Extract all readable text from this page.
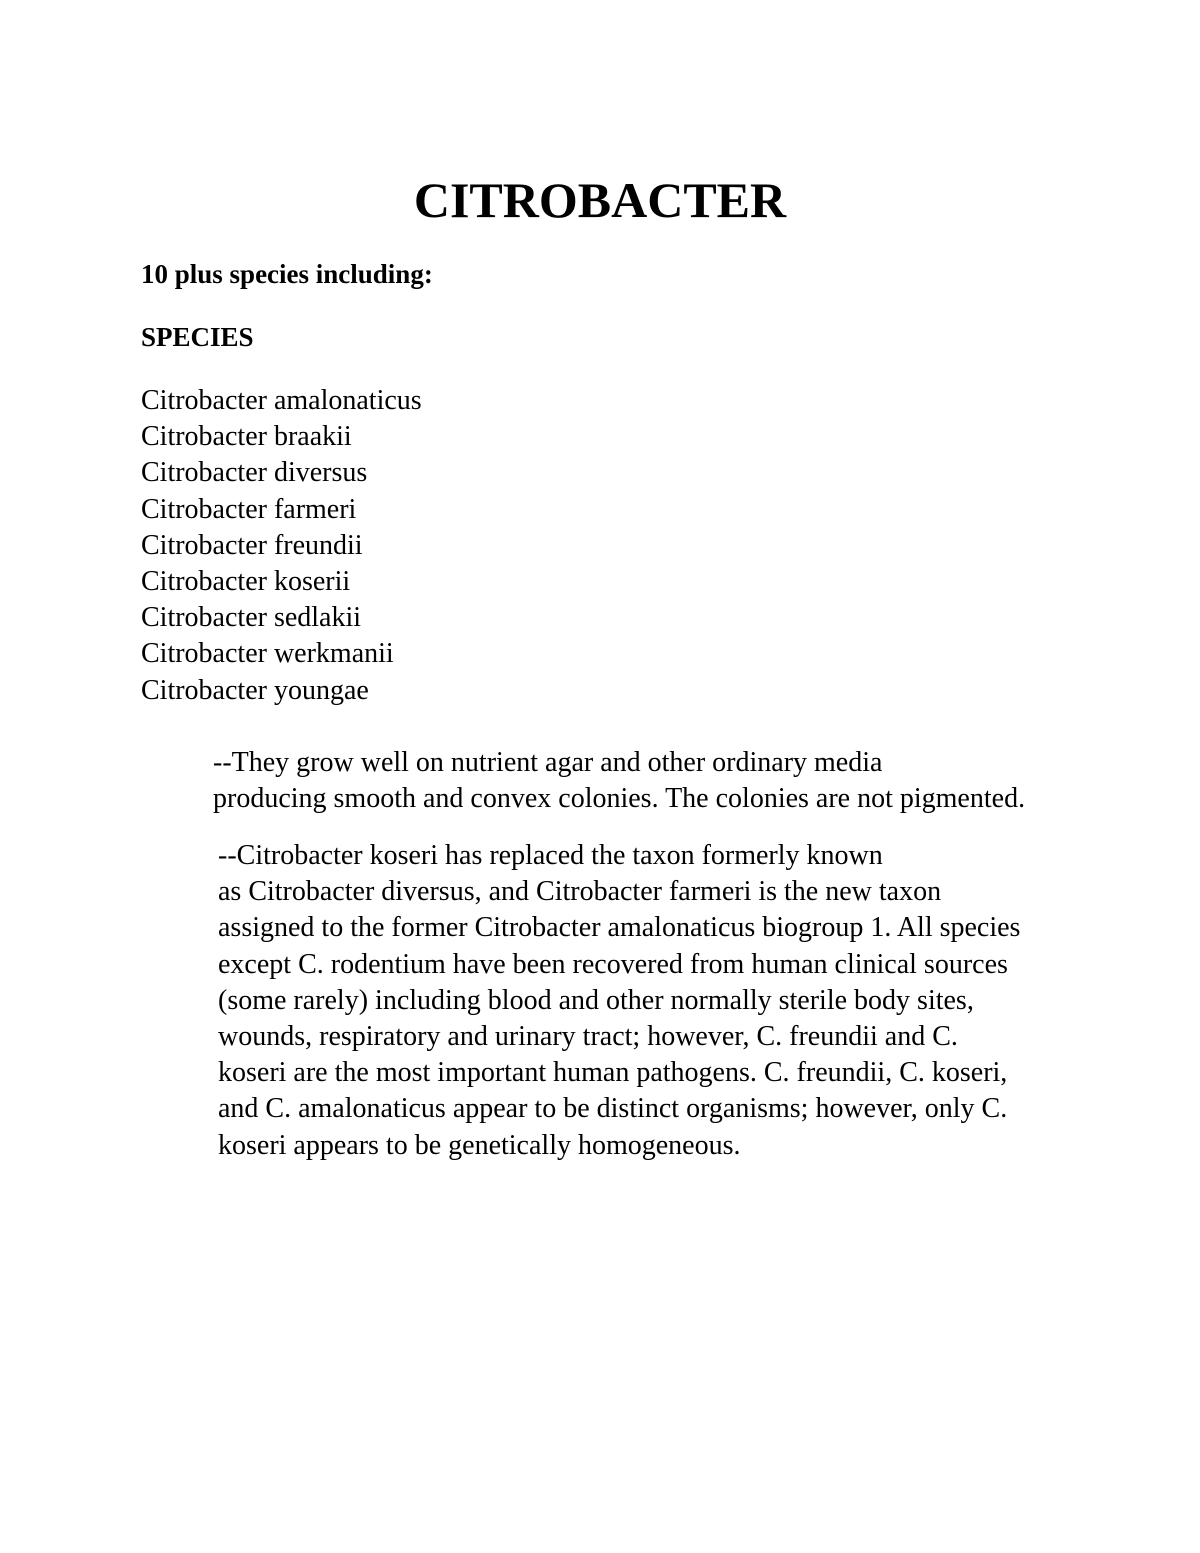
CITROBACTER

10 plus species including:

SPECIES

Citrobacter amalonaticus
Citrobacter braakii
Citrobacter diversus
Citrobacter farmeri
Citrobacter freundii
Citrobacter koserii
Citrobacter sedlakii
Citrobacter werkmanii
Citrobacter youngae

--They grow well on nutrient agar and other ordinary media
producing smooth and convex colonies. The colonies are not pigmented.

--Citrobacter koseri has replaced the taxon formerly known
as Citrobacter diversus, and Citrobacter farmeri is the new taxon
assigned to the former Citrobacter amalonaticus biogroup 1. All species
except C. rodentium have been recovered from human clinical sources
(some rarely) including blood and other normally sterile body sites,
wounds, respiratory and urinary tract; however, C. freundii and C.
koseri are the most important human pathogens. C. freundii, C. koseri,
and C. amalonaticus appear to be distinct organisms; however, only C.
koseri appears to be genetically homogeneous.
